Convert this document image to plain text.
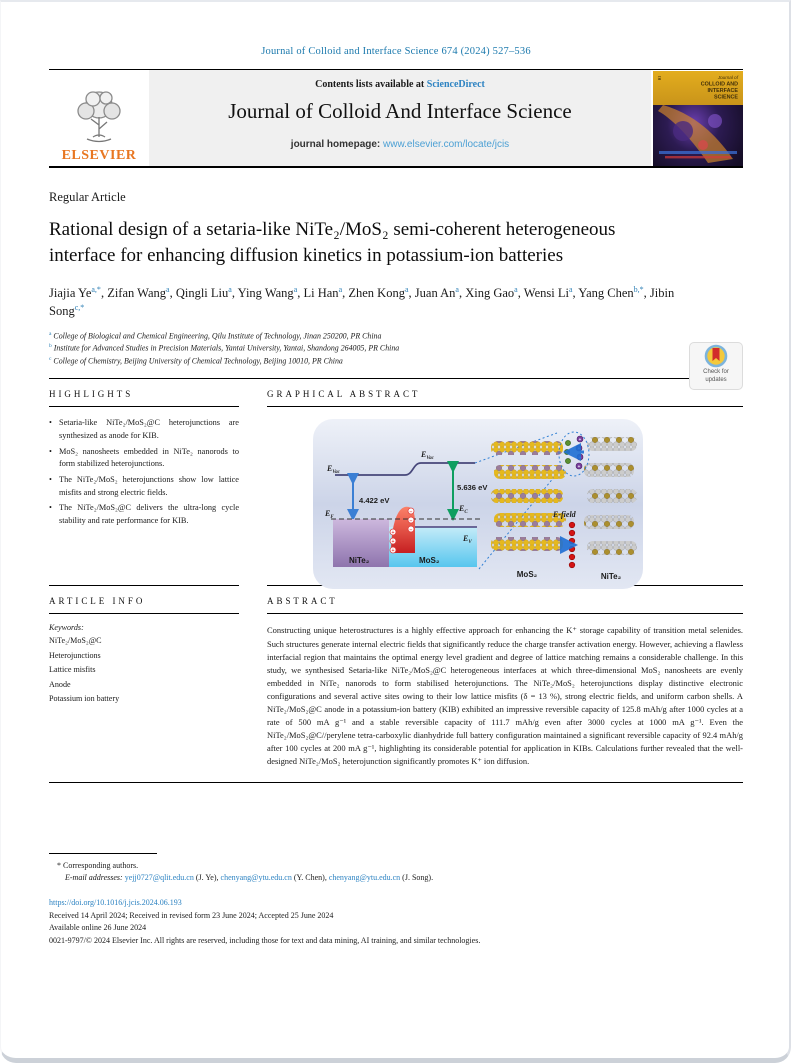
Journal of Colloid and Interface Science 674 (2024) 527–536
ELSEVIER
Contents lists available at ScienceDirect
Journal of Colloid And Interface Science
journal homepage: www.elsevier.com/locate/jcis
Journal of
COLLOID AND
INTERFACE
SCIENCE
⌸
Regular Article
Rational design of a setaria-like NiTe₂/MoS₂ semi-coherent heterogeneous interface for enhancing diffusion kinetics in potassium-ion batteries
Jiajia $Ye^{a,*}$, Zifan Wang$^a$, Qingli Liu$^a$, Ying Wang$^a$, Li Han$^a$, Zhen Kong$^a$, Juan An$^a$, Xing Gao$^a$, Wensi Li$^a$, Yang Chen$^{b,*}$, Jibin Song$^{c,*}$
$^a$ College of Biological and Chemical Engineering, Qilu Institute of Technology, Jinan 250200, PR China
$^b$ Institute for Advanced Studies in Precision Materials, Yantai University, Yantai, Shandong 264005, PR China
$^c$ College of Chemistry, Beijing University of Chemical Technology, Beijing 10010, PR China
Check for
updates
HIGHLIGHTS
• Setaria-like NiTe₂/MoS₂@C heterojunctions are synthesized as anode for KIB.
• MoS₂ nanosheets embedded in NiTe₂ nanorods to form stabilized heterojunctions.
• The NiTe₂/MoS₂ heterojunctions show low lattice misfits and strong electric fields.
• The NiTe₂/MoS₂@C delivers the ultra-long cycle stability and rate performance for KIB.
GRAPHICAL ABSTRACT
$E_{Vac}$
$E_{Vac}$
4.422 eV
5.636 eV
$E_C$
$E_F$
$E_V$
+
+
+
−
−
−
NiTe₂	MoS₂
MoS₂	NiTe₂
+
+
+
+
E-field
ARTICLE INFO
Keywords:
NiTe₂/MoS₂@C
Heterojunctions
Lattice misfits
Anode
Potassium ion battery
ABSTRACT
Constructing unique heterostructures is a highly effective approach for enhancing the K⁺ storage capability of transition metal selenides. Such structures generate internal electric fields that significantly reduce the charge transfer activation energy. However, achieving a flawless interfacial region that maintains the optimal energy level gradient and degree of lattice matching remains a considerable challenge. In this study, we synthesised Setaria-like NiTe₂/MoS₂@C heterogeneous interfaces at which three-dimensional MoS₂ nanosheets are evenly embedded in NiTe₂ nanorods to form stabilised heterojunctions. The NiTe₂/MoS₂ heterojunctions display distinctive electronic configurations and several active sites owing to their low lattice misfits (δ = 13 %), strong electric fields, and uniform carbon shells. A NiTe₂/MoS₂@C anode in a potassium-ion battery (KIB) exhibited an impressive reversible capacity of 125.8 mAh/g after 1000 cycles at a rate of 500 mA g⁻¹ and a stable reversible capacity of 111.7 mAh/g even after 3000 cycles at 1000 mA g⁻¹. Even the NiTe₂/MoS₂@C//perylene tetra-carboxylic dianhydride full battery configuration maintained a significant reversible capacity of 92.4 mAh/g after 100 cycles at 200 mA g⁻¹, highlighting its considerable potential for application in KIBs. Calculations further revealed that the well-designed NiTe₂/MoS₂ heterojunction significantly promotes K⁺ ion diffusion.
* Corresponding authors.
E-mail addresses: yejj0727@qlit.edu.cn (J. Ye), chenyang@ytu.edu.cn (Y. Chen), chenyang@ytu.edu.cn (J. Song).
https://doi.org/10.1016/j.jcis.2024.06.193
Received 14 April 2024; Received in revised form 23 June 2024; Accepted 25 June 2024
Available online 26 June 2024
0021-9797/© 2024 Elsevier Inc. All rights are reserved, including those for text and data mining, AI training, and similar technologies.
